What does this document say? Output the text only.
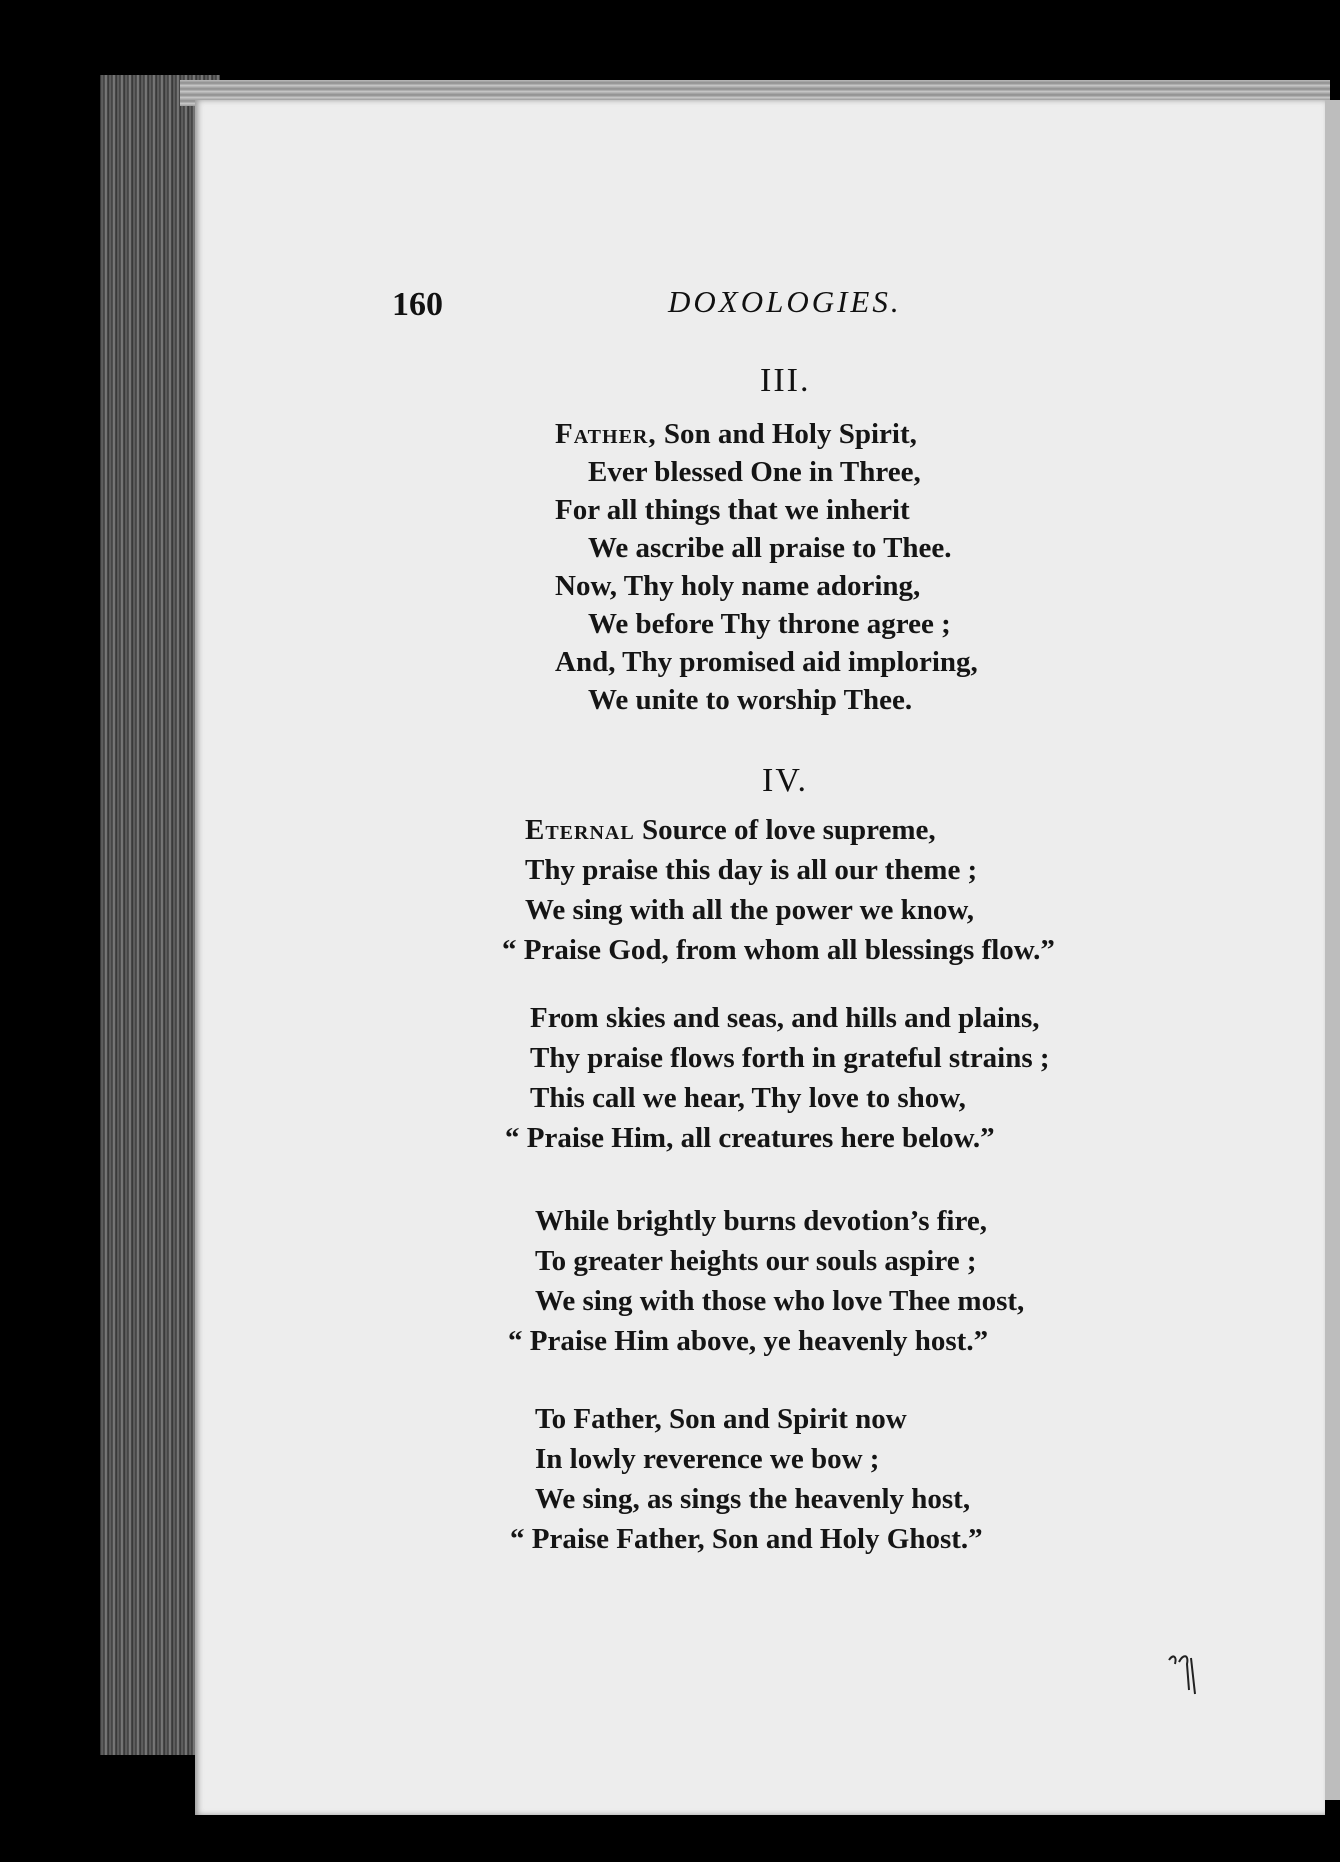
160	DOXOLOGIES.
III.
Father, Son and Holy Spirit,
Ever blessed One in Three,
For all things that we inherit
We ascribe all praise to Thee.
Now, Thy holy name adoring,
We before Thy throne agree ;
And, Thy promised aid imploring,
We unite to worship Thee.
IV.
Eternal Source of love supreme,
Thy praise this day is all our theme ;
We sing with all the power we know,
“ Praise God, from whom all blessings flow.”
From skies and seas, and hills and plains,
Thy praise flows forth in grateful strains ;
This call we hear, Thy love to show,
“ Praise Him, all creatures here below.”
While brightly burns devotion’s fire,
To greater heights our souls aspire ;
We sing with those who love Thee most,
“ Praise Him above, ye heavenly host.”
To Father, Son and Spirit now
In lowly reverence we bow ;
We sing, as sings the heavenly host,
“ Praise Father, Son and Holy Ghost.”
